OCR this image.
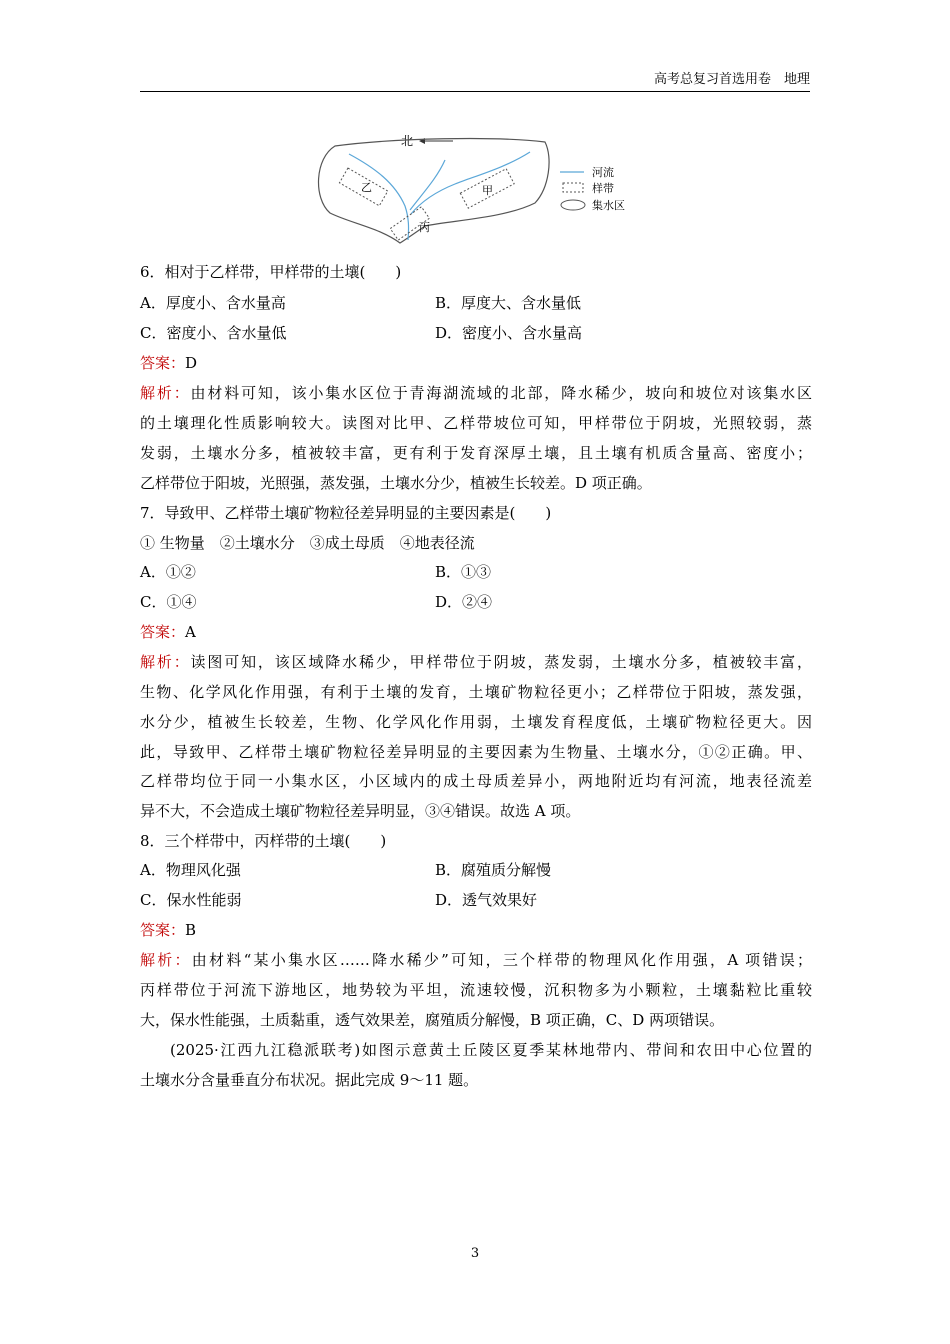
高考总复习首选用卷　地理
北
乙	甲
丙
河流
样带
集水区
6．相对于乙样带，甲样带的土壤(　　)
A．厚度小、含水量高	B．厚度大、含水量低
C．密度小、含水量低	D．密度小、含水量高
答案：D
解析：由材料可知，该小集水区位于青海湖流域的北部，降水稀少，坡向和坡位对该集水区
的土壤理化性质影响较大。读图对比甲、乙样带坡位可知，甲样带位于阴坡，光照较弱，蒸
发弱，土壤水分多，植被较丰富，更有利于发育深厚土壤，且土壤有机质含量高、密度小；
乙样带位于阳坡，光照强，蒸发强，土壤水分少，植被生长较差。D 项正确。
7．导致甲、乙样带土壤矿物粒径差异明显的主要因素是(　　)
① 生物量　②土壤水分　③成土母质　④地表径流
A．①②	B．①③
C．①④	D．②④
答案：A
解析：读图可知，该区域降水稀少，甲样带位于阴坡，蒸发弱，土壤水分多，植被较丰富，
生物、化学风化作用强，有利于土壤的发育，土壤矿物粒径更小；乙样带位于阳坡，蒸发强，
水分少，植被生长较差，生物、化学风化作用弱，土壤发育程度低，土壤矿物粒径更大。因
此，导致甲、乙样带土壤矿物粒径差异明显的主要因素为生物量、土壤水分，①②正确。甲、
乙样带均位于同一小集水区，小区域内的成土母质差异小，两地附近均有河流，地表径流差
异不大，不会造成土壤矿物粒径差异明显，③④错误。故选 A 项。
8．三个样带中，丙样带的土壤(　　)
A．物理风化强	B．腐殖质分解慢
C．保水性能弱	D．透气效果好
答案：B
解析：由材料“某小集水区……降水稀少”可知，三个样带的物理风化作用强，A 项错误；
丙样带位于河流下游地区，地势较为平坦，流速较慢，沉积物多为小颗粒，土壤黏粒比重较
大，保水性能强，土质黏重，透气效果差，腐殖质分解慢，B 项正确，C、D 两项错误。
(2025·江西九江稳派联考)如图示意黄土丘陵区夏季某林地带内、带间和农田中心位置的
土壤水分含量垂直分布状况。据此完成 9～11 题。
3
